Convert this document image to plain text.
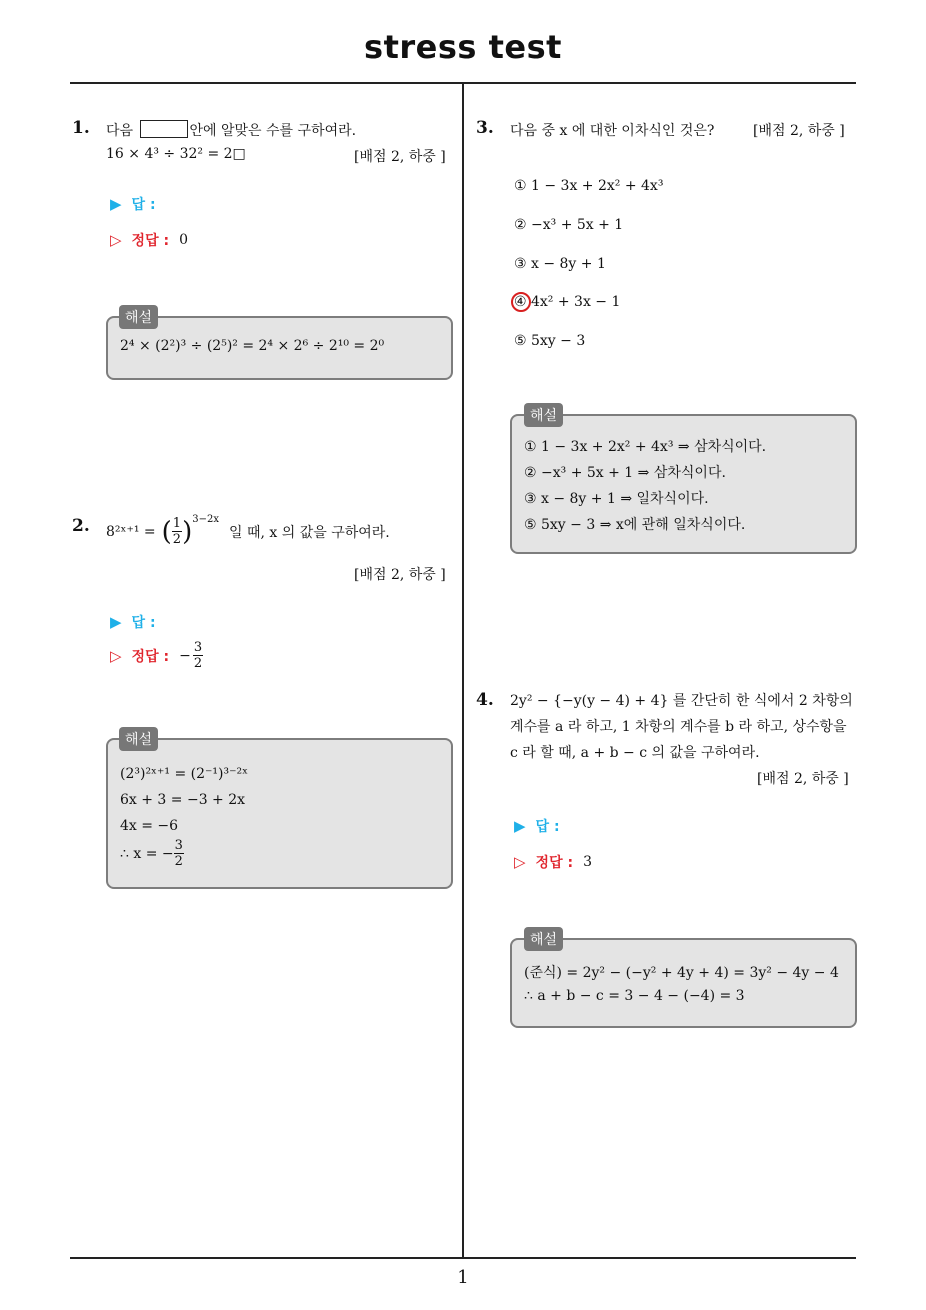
stress test
1. 다음	안에 알맞은 수를 구하여라.
16 × 4³ ÷ 32² = 2□	[배점 2, 하중 ]
▶ 답 :
▷ 정답 : 0
2⁴ × (2²)³ ÷ (2⁵)² = 2⁴ × 2⁶ ÷ 2¹⁰ = 2⁰
해설
2. 8²ˣ⁺¹ = ( $\frac{1}{2}$ ) 3−2x
일 때, x 의 값을 구하여라.
[배점 2, 하중 ]
▶ 답 :
▷ 정답 : − $\frac{3}{2}$
(2³)²ˣ⁺¹ = (2⁻¹)³⁻²ˣ
6x + 3 = −3 + 2x
4x = −6
∴ x = − $\frac{3}{2}$
해설
3. 다음 중 x 에 대한 이차식인 것은?	[배점 2, 하중 ]
① 1 − 3x + 2x² + 4x³
② −x³ + 5x + 1
③ x − 8y + 1
④ 4x² + 3x − 1
⑤ 5xy − 3
① 1 − 3x + 2x² + 4x³ ⇒ 삼차식이다.
② −x³ + 5x + 1 ⇒ 삼차식이다.
③ x − 8y + 1 ⇒ 일차식이다.
⑤ 5xy − 3 ⇒ x에 관해 일차식이다.
해설
4. 2y² − {−y(y − 4) + 4} 를 간단히 한 식에서 2 차항의
계수를 a 라 하고, 1 차항의 계수를 b 라 하고, 상수항을
c 라 할 때, a + b − c 의 값을 구하여라.
[배점 2, 하중 ]
▶ 답 :
▷ 정답 : 3
(준식) = 2y² − (−y² + 4y + 4) = 3y² − 4y − 4
∴ a + b − c = 3 − 4 − (−4) = 3
해설
1
